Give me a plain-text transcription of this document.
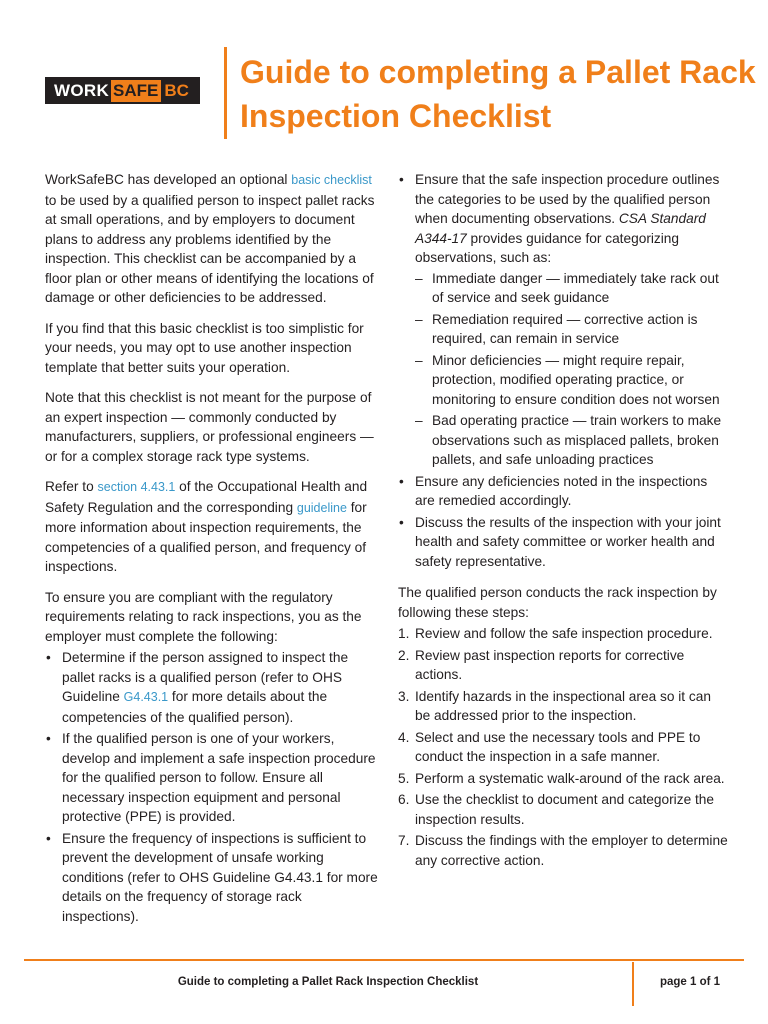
WORK SAFE BC Guide to completing a Pallet Rack Inspection Checklist

WorkSafeBC has developed an optional basic checklist to be used by a qualified person to inspect pallet racks at small operations, and by employers to document plans to address any problems identified by the inspection. This checklist can be accompanied by a floor plan or other means of identifying the locations of damage or other deficiencies to be addressed.

If you find that this basic checklist is too simplistic for your needs, you may opt to use another inspection template that better suits your operation.

Note that this checklist is not meant for the purpose of an expert inspection — commonly conducted by manufacturers, suppliers, or professional engineers — or for a complex storage rack type systems.

Refer to section 4.43.1 of the Occupational Health and Safety Regulation and the corresponding guideline for more information about inspection requirements, the competencies of a qualified person, and frequency of inspections.

To ensure you are compliant with the regulatory requirements relating to rack inspections, you as the employer must complete the following:

• Determine if the person assigned to inspect the pallet racks is a qualified person (refer to OHS Guideline G4.43.1 for more details about the competencies of the qualified person).
• If the qualified person is one of your workers, develop and implement a safe inspection procedure for the qualified person to follow. Ensure all necessary inspection equipment and personal protective (PPE) is provided.
• Ensure the frequency of inspections is sufficient to prevent the development of unsafe working conditions (refer to OHS Guideline G4.43.1 for more details on the frequency of storage rack inspections).
• Ensure that the safe inspection procedure outlines the categories to be used by the qualified person when documenting observations. CSA Standard A344-17 provides guidance for categorizing observations, such as:
– Immediate danger — immediately take rack out of service and seek guidance
– Remediation required — corrective action is required, can remain in service
– Minor deficiencies — might require repair, protection, modified operating practice, or monitoring to ensure condition does not worsen
– Bad operating practice — train workers to make observations such as misplaced pallets, broken pallets, and safe unloading practices
• Ensure any deficiencies noted in the inspections are remedied accordingly.
• Discuss the results of the inspection with your joint health and safety committee or worker health and safety representative.

The qualified person conducts the rack inspection by following these steps:

1. Review and follow the safe inspection procedure.
2. Review past inspection reports for corrective actions.
3. Identify hazards in the inspectional area so it can be addressed prior to the inspection.
4. Select and use the necessary tools and PPE to conduct the inspection in a safe manner.
5. Perform a systematic walk-around of the rack area.
6. Use the checklist to document and categorize the inspection results.
7. Discuss the findings with the employer to determine any corrective action.
Guide to completing a Pallet Rack Inspection Checklist	page 1 of 1
